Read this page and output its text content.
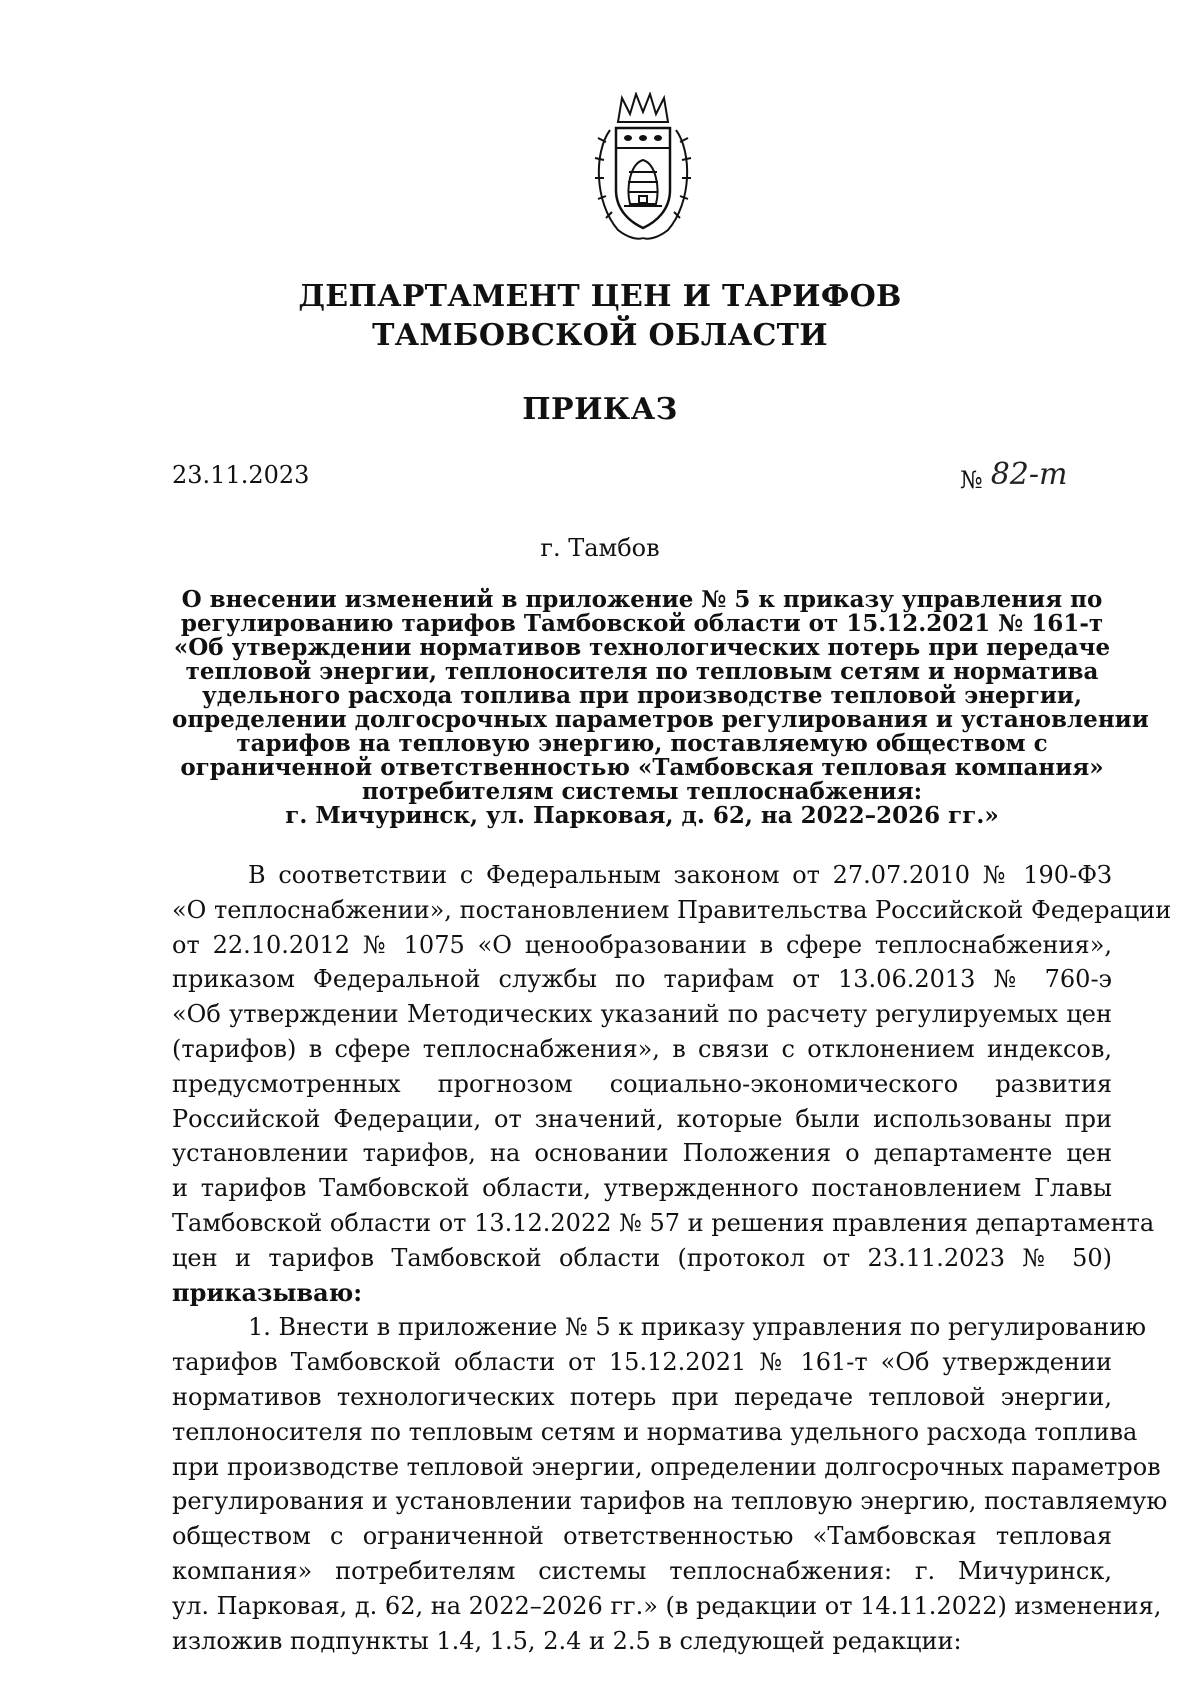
ДЕПАРТАМЕНТ ЦЕН И ТАРИФОВ
ТАМБОВСКОЙ ОБЛАСТИ
ПРИКАЗ
23.11.2023	№ 82-т
г. Тамбов
О внесении изменений в приложение № 5 к приказу управления по
регулированию тарифов Тамбовской области от 15.12.2021 № 161-т
«Об утверждении нормативов технологических потерь при передаче
тепловой энергии, теплоносителя по тепловым сетям и норматива
удельного расхода топлива при производстве тепловой энергии,
определении долгосрочных параметров регулирования и установлении
тарифов на тепловую энергию, поставляемую обществом с
ограниченной ответственностью «Тамбовская тепловая компания»
потребителям системы теплоснабжения:
г. Мичуринск, ул. Парковая, д. 62, на 2022–2026 гг.»
В соответствии с Федеральным законом от 27.07.2010 № 190-ФЗ
«О теплоснабжении», постановлением Правительства Российской Федерации
от 22.10.2012 № 1075 «О ценообразовании в сфере теплоснабжения»,
приказом Федеральной службы по тарифам от 13.06.2013 № 760-э
«Об утверждении Методических указаний по расчету регулируемых цен
(тарифов) в сфере теплоснабжения», в связи с отклонением индексов,
предусмотренных прогнозом социально-экономического развития
Российской Федерации, от значений, которые были использованы при
установлении тарифов, на основании Положения о департаменте цен
и тарифов Тамбовской области, утвержденного постановлением Главы
Тамбовской области от 13.12.2022 № 57 и решения правления департамента
цен и тарифов Тамбовской области (протокол от 23.11.2023 № 50)
приказываю:
1. Внести в приложение № 5 к приказу управления по регулированию
тарифов Тамбовской области от 15.12.2021 № 161-т «Об утверждении
нормативов технологических потерь при передаче тепловой энергии,
теплоносителя по тепловым сетям и норматива удельного расхода топлива
при производстве тепловой энергии, определении долгосрочных параметров
регулирования и установлении тарифов на тепловую энергию, поставляемую
обществом с ограниченной ответственностью «Тамбовская тепловая
компания» потребителям системы теплоснабжения: г. Мичуринск,
ул. Парковая, д. 62, на 2022–2026 гг.» (в редакции от 14.11.2022) изменения,
изложив подпункты 1.4, 1.5, 2.4 и 2.5 в следующей редакции:
